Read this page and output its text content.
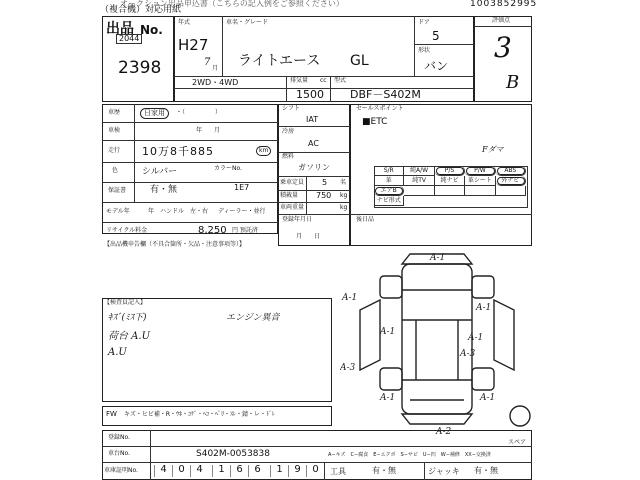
オークション出品申込書（こちらの記入例をご参照ください）
（複合機）対応用紙
1003852995
出品 No.
2044
2398
年式
H27
7
月
車名・グレード
ライトエース GL
ドア
5
形状
バン
2WD・4WD	排気量
1500
cc 型式
DBF－S402M
評価点
3
B
車歴	日家用	・（　　　　　）
車検	年　　月
走行 10万8千885	km
色	シルバー	カラーNo.
1E7
保証書	有・無
モデル年	年　ハンドル　左・右 ディーラー・並行
リサイクル料金	8,250 円 預託済
【出品機申告欄（不具合箇所・欠品・注意事項等）】
シフト
IAT
冷房
AC
燃料
ガソリン
乗車定員 5 名
積載量 750 kg
車両重量	kg
登録年月日
月　　日
セールスポイント
■ETC
Fダマ
S/R	純A/W	P/S	P/W	ABS
革	純TV	純ナビ	革シート	外ナビ
エアB
ナビ形式
後日品
【検査員記入】
ｷｽﾞ(ﾐｽ下)	エンジン異音
荷台 A.U
A.U
A-1
A-1
A-1
A-1
A-3
A-1
A-3
A-1	A-1
A-2
スペア
FW キズ・ヒビ補・R・ｳﾈ・ｺｹﾞ・ﾍｺ・ﾍﾟﾘ・ｽﾚ・錆・レ・ﾄﾞﾚ
登録No.
車台No.	S402M-0053838	A−キズ　C−腐食　E−エクボ　S−サビ　U−凹　W−補修　XX−交換済
車庫証明No.	4	0	4	1	6	6	1	9	0	工具	有・無	ジャッキ 有・無
